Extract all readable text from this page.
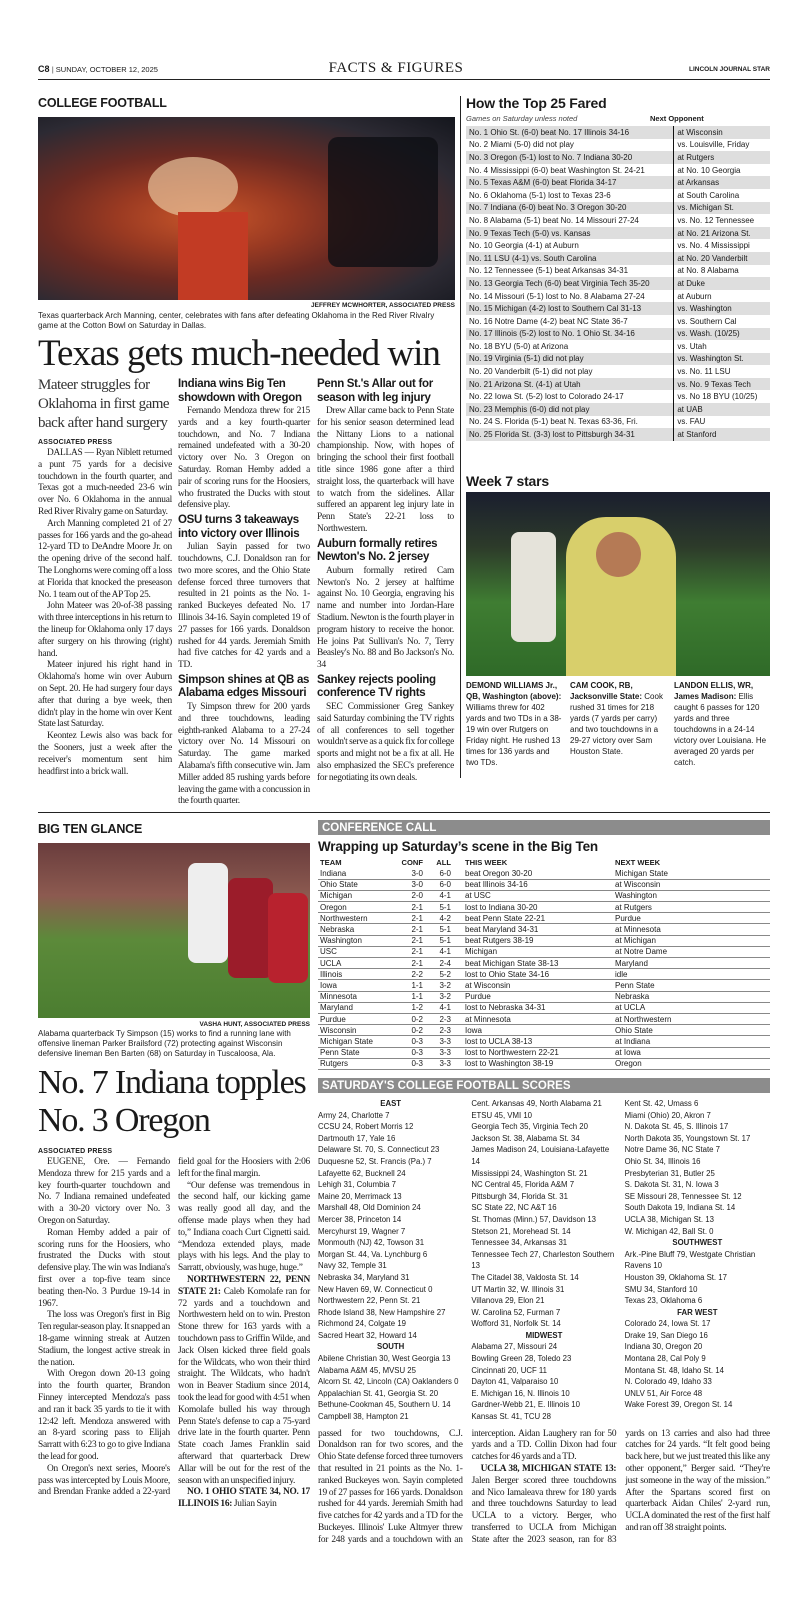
C8 | SUNDAY, OCTOBER 12, 2025	FACTS & FIGURES	LINCOLN JOURNAL STAR
COLLEGE FOOTBALL
JEFFREY MCWHORTER, ASSOCIATED PRESS
Texas quarterback Arch Manning, center, celebrates with fans after defeating Oklahoma in the Red River Rivalry game at the Cotton Bowl on Saturday in Dallas.
Texas gets much-needed win
Mateer struggles for Oklahoma in first game back after hand surgery
ASSOCIATED PRESS

DALLAS — Ryan Niblett returned a punt 75 yards for a decisive touchdown in the fourth quarter, and Texas got a much-needed 23-6 win over No. 6 Oklahoma in the annual Red River Rivalry game on Saturday.

Arch Manning completed 21 of 27 passes for 166 yards and the go-ahead 12-yard TD to DeAndre Moore Jr. on the opening drive of the second half. The Longhorns were coming off a loss at Florida that knocked the preseason No. 1 team out of the AP Top 25.

John Mateer was 20-of-38 passing with three interceptions in his return to the lineup for Oklahoma only 17 days after surgery on his throwing (right) hand.

Mateer injured his right hand in Oklahoma's home win over Auburn on Sept. 20. He had surgery four days after that during a bye week, then didn't play in the home win over Kent State last Saturday.

Keontez Lewis also was back for the Sooners, just a week after the receiver's momentum sent him headfirst into a brick wall.

Indiana wins Big Ten showdown with Oregon
Fernando Mendoza threw for 215 yards and a key fourth-quarter touchdown, and No. 7 Indiana remained undefeated with a 30-20 victory over No. 3 Oregon on Saturday. Roman Hemby added a pair of scoring runs for the Hoosiers, who frustrated the Ducks with stout defensive play.
OSU turns 3 takeaways into victory over Illinois
Julian Sayin passed for two touchdowns, C.J. Donaldson ran for two more scores, and the Ohio State defense forced three turnovers that resulted in 21 points as the No. 1-ranked Buckeyes defeated No. 17 Illinois 34-16. Sayin completed 19 of 27 passes for 166 yards. Donaldson rushed for 44 yards. Jeremiah Smith had five catches for 42 yards and a TD.
Simpson shines at QB as Alabama edges Missouri
Ty Simpson threw for 200 yards and three touchdowns, leading eighth-ranked Alabama to a 27-24 victory over No. 14 Missouri on Saturday. The game marked Alabama's fifth consecutive win. Jam Miller added 85 rushing yards before leaving the game with a concussion in the fourth quarter.
Penn St.'s Allar out for season with leg injury
Drew Allar came back to Penn State for his senior season determined lead the Nittany Lions to a national championship. Now, with hopes of bringing the school their first football title since 1986 gone after a third straight loss, the quarterback will have to watch from the sidelines. Allar suffered an apparent leg injury late in Penn State's 22-21 loss to Northwestern.
Auburn formally retires Newton's No. 2 jersey
Auburn formally retired Cam Newton's No. 2 jersey at halftime against No. 10 Georgia, engraving his name and number into Jordan-Hare Stadium. Newton is the fourth player in program history to receive the honor. He joins Pat Sullivan's No. 7, Terry Beasley's No. 88 and Bo Jackson's No. 34
Sankey rejects pooling conference TV rights
SEC Commissioner Greg Sankey said Saturday combining the TV rights of all conferences to sell together wouldn't serve as a quick fix for college sports and might not be a fix at all. He also emphasized the SEC's preference for negotiating its own deals.
How the Top 25 Fared
Games on Saturday unless noted	Next Opponent
No. 1 Ohio St. (6-0) beat No. 17 Illinois 34-16	at Wisconsin
No. 2 Miami (5-0) did not play	vs. Louisville, Friday
No. 3 Oregon (5-1) lost to No. 7 Indiana 30-20	at Rutgers
No. 4 Mississippi (6-0) beat Washington St. 24-21	at No. 10 Georgia
No. 5 Texas A&M (6-0) beat Florida 34-17	at Arkansas
No. 6 Oklahoma (5-1) lost to Texas 23-6	at South Carolina
No. 7 Indiana (6-0) beat No. 3 Oregon 30-20	vs. Michigan St.
No. 8 Alabama (5-1) beat No. 14 Missouri 27-24	vs. No. 12 Tennessee
No. 9 Texas Tech (5-0) vs. Kansas	at No. 21 Arizona St.
No. 10 Georgia (4-1) at Auburn	vs. No. 4 Mississippi
No. 11 LSU (4-1) vs. South Carolina	at No. 20 Vanderbilt
No. 12 Tennessee (5-1) beat Arkansas 34-31	at No. 8 Alabama
No. 13 Georgia Tech (6-0) beat Virginia Tech 35-20	at Duke
No. 14 Missouri (5-1) lost to No. 8 Alabama 27-24	at Auburn
No. 15 Michigan (4-2) lost to Southern Cal 31-13	vs. Washington
No. 16 Notre Dame (4-2) beat NC State 36-7	vs. Southern Cal
No. 17 Illinois (5-2) lost to No. 1 Ohio St. 34-16	vs. Wash. (10/25)
No. 18 BYU (5-0) at Arizona	vs. Utah
No. 19 Virginia (5-1) did not play	vs. Washington St.
No. 20 Vanderbilt (5-1) did not play	vs. No. 11 LSU
No. 21 Arizona St. (4-1) at Utah	vs. No. 9 Texas Tech
No. 22 Iowa St. (5-2) lost to Colorado 24-17	vs. No 18 BYU (10/25)
No. 23 Memphis (6-0) did not play	at UAB
No. 24 S. Florida (5-1) beat N. Texas 63-36, Fri.	vs. FAU
No. 25 Florida St. (3-3) lost to Pittsburgh 34-31	at Stanford
Week 7 stars
DEMOND WILLIAMS Jr., QB, Washington (above): Williams threw for 402 yards and two TDs in a 38-19 win over Rutgers on Friday night. He rushed 13 times for 136 yards and two TDs.
CAM COOK, RB, Jacksonville State: Cook rushed 31 times for 218 yards (7 yards per carry) and two touchdowns in a 29-27 victory over Sam Houston State.
LANDON ELLIS, WR, James Madison: Ellis caught 6 passes for 120 yards and three touchdowns in a 24-14 victory over Louisiana. He averaged 20 yards per catch.
BIG TEN GLANCE
VASHA HUNT, ASSOCIATED PRESS
Alabama quarterback Ty Simpson (15) works to find a running lane with offensive lineman Parker Brailsford (72) protecting against Wisconsin defensive lineman Ben Barten (68) on Saturday in Tuscaloosa, Ala.
No. 7 Indiana topples No. 3 Oregon
ASSOCIATED PRESS

EUGENE, Ore. — Fernando Mendoza threw for 215 yards and a key fourth-quarter touchdown and No. 7 Indiana remained undefeated with a 30-20 victory over No. 3 Oregon on Saturday.

Roman Hemby added a pair of scoring runs for the Hoosiers, who frustrated the Ducks with stout defensive play. The win was Indiana's first over a top-five team since beating then-No. 3 Purdue 19-14 in 1967.

The loss was Oregon's first in Big Ten regular-season play. It snapped an 18-game winning streak at Autzen Stadium, the longest active streak in the nation.

With Oregon down 20-13 going into the fourth quarter, Brandon Finney intercepted Mendoza's pass and ran it back 35 yards to tie it with 12:42 left. Mendoza answered with an 8-yard scoring pass to Elijah Sarratt with 6:23 to go to give Indiana the lead for good.

On Oregon's next series, Moore's pass was intercepted by Louis Moore, and Brendan Franke added a 22-yard field goal for the Hoosiers with 2:06 left for the final margin.

“Our defense was tremendous in the second half, our kicking game was really good all day, and the offense made plays when they had to,” Indiana coach Curt Cignetti said. “Mendoza extended plays, made plays with his legs. And the play to Sarratt, obviously, was huge, huge.”

NORTHWESTERN 22, PENN STATE 21: Caleb Komolafe ran for 72 yards and a touchdown and Northwestern held on to win. Preston Stone threw for 163 yards with a touchdown pass to Griffin Wilde, and Jack Olsen kicked three field goals for the Wildcats, who won their third straight. The Wildcats, who hadn't won in Beaver Stadium since 2014, took the lead for good with 4:51 when Komolafe bulled his way through Penn State's defense to cap a 75-yard drive late in the fourth quarter. Penn State coach James Franklin said afterward that quarterback Drew Allar will be out for the rest of the season with an unspecified injury.

NO. 1 OHIO STATE 34, NO. 17 ILLINOIS 16: Julian Sayin

CONFERENCE CALL
Wrapping up Saturday’s scene in the Big Ten
TEAM	CONF	ALL	THIS WEEK	NEXT WEEK
Indiana	3-0	6-0	beat Oregon 30-20	Michigan State
Ohio State	3-0	6-0	beat Illinois 34-16	at Wisconsin
Michigan	2-0	4-1	at USC	Washington
Oregon	2-1	5-1	lost to Indiana 30-20	at Rutgers
Northwestern	2-1	4-2	beat Penn State 22-21	Purdue
Nebraska	2-1	5-1	beat Maryland 34-31	at Minnesota
Washington	2-1	5-1	beat Rutgers 38-19	at Michigan
USC	2-1	4-1	Michigan	at Notre Dame
UCLA	2-1	2-4	beat Michigan State 38-13	Maryland
Illinois	2-2	5-2	lost to Ohio State 34-16	idle
Iowa	1-1	3-2	at Wisconsin	Penn State
Minnesota	1-1	3-2	Purdue	Nebraska
Maryland	1-2	4-1	lost to Nebraska 34-31	at UCLA
Purdue	0-2	2-3	at Minnesota	at Northwestern
Wisconsin	0-2	2-3	Iowa	Ohio State
Michigan State	0-3	3-3	lost to UCLA 38-13	at Indiana
Penn State	0-3	3-3	lost to Northwestern 22-21	at Iowa
Rutgers	0-3	3-3	lost to Washington 38-19	Oregon
SATURDAY'S COLLEGE FOOTBALL SCORES
EAST
Army 24, Charlotte 7
CCSU 24, Robert Morris 12
Dartmouth 17, Yale 16
Delaware St. 70, S. Connecticut 23
Duquesne 52, St. Francis (Pa.) 7
Lafayette 62, Bucknell 24
Lehigh 31, Columbia 7
Maine 20, Merrimack 13
Marshall 48, Old Dominion 24
Mercer 38, Princeton 14
Mercyhurst 19, Wagner 7
Monmouth (NJ) 42, Towson 31
Morgan St. 44, Va. Lynchburg 6
Navy 32, Temple 31
Nebraska 34, Maryland 31
New Haven 69, W. Connecticut 0
Northwestern 22, Penn St. 21
Rhode Island 38, New Hampshire 27
Richmond 24, Colgate 19
Sacred Heart 32, Howard 14
SOUTH
Abilene Christian 30, West Georgia 13
Alabama A&M 45, MVSU 25
Alcorn St. 42, Lincoln (CA) Oaklanders 0
Appalachian St. 41, Georgia St. 20
Bethune-Cookman 45, Southern U. 14
Campbell 38, Hampton 21
Cent. Arkansas 49, North Alabama 21
ETSU 45, VMI 10
Georgia Tech 35, Virginia Tech 20
Jackson St. 38, Alabama St. 34
James Madison 24, Louisiana-Lafayette 14
Mississippi 24, Washington St. 21
NC Central 45, Florida A&M 7
Pittsburgh 34, Florida St. 31
SC State 22, NC A&T 16
St. Thomas (Minn.) 57, Davidson 13
Stetson 21, Morehead St. 14
Tennessee 34, Arkansas 31
Tennessee Tech 27, Charleston Southern 13
The Citadel 38, Valdosta St. 14
UT Martin 32, W. Illinois 31
Villanova 29, Elon 21
W. Carolina 52, Furman 7
Wofford 31, Norfolk St. 14
MIDWEST
Alabama 27, Missouri 24
Bowling Green 28, Toledo 23
Cincinnati 20, UCF 11
Dayton 41, Valparaiso 10
E. Michigan 16, N. Illinois 10
Gardner-Webb 21, E. Illinois 10
Kansas St. 41, TCU 28
Kent St. 42, Umass 6
Miami (Ohio) 20, Akron 7
N. Dakota St. 45, S. Illinois 17
North Dakota 35, Youngstown St. 17
Notre Dame 36, NC State 7
Ohio St. 34, Illinois 16
Presbyterian 31, Butler 25
S. Dakota St. 31, N. Iowa 3
SE Missouri 28, Tennessee St. 12
South Dakota 19, Indiana St. 14
UCLA 38, Michigan St. 13
W. Michigan 42, Ball St. 0
SOUTHWEST
Ark.-Pine Bluff 79, Westgate Christian Ravens 10
Houston 39, Oklahoma St. 17
SMU 34, Stanford 10
Texas 23, Oklahoma 6
FAR WEST
Colorado 24, Iowa St. 17
Drake 19, San Diego 16
Indiana 30, Oregon 20
Montana 28, Cal Poly 9
Montana St. 48, Idaho St. 14
N. Colorado 49, Idaho 33
UNLV 51, Air Force 48
Wake Forest 39, Oregon St. 14

passed for two touchdowns, C.J. Donaldson ran for two scores, and the Ohio State defense forced three turnovers that resulted in 21 points as the No. 1-ranked Buckeyes won. Sayin completed 19 of 27 passes for 166 yards. Donaldson rushed for 44 yards. Jeremiah Smith had five catches for 42 yards and a TD for the Buckeyes. Illinois' Luke Altmyer threw for 248 yards and a touchdown with an interception. Aidan Laughery ran for 50 yards and a TD. Collin Dixon had four catches for 46 yards and a TD.

UCLA 38, MICHIGAN STATE 13: Jalen Berger scored three touchdowns and Nico Iamaleava threw for 180 yards and three touchdowns Saturday to lead UCLA to a victory. Berger, who transferred to UCLA from Michigan State after the 2023 season, ran for 83 yards on 13 carries and also had three catches for 24 yards. “It felt good being back here, but we just treated this like any other opponent,” Berger said. “They're just someone in the way of the mission.” After the Spartans scored first on quarterback Aidan Chiles' 2-yard run, UCLA dominated the rest of the first half and ran off 38 straight points.
